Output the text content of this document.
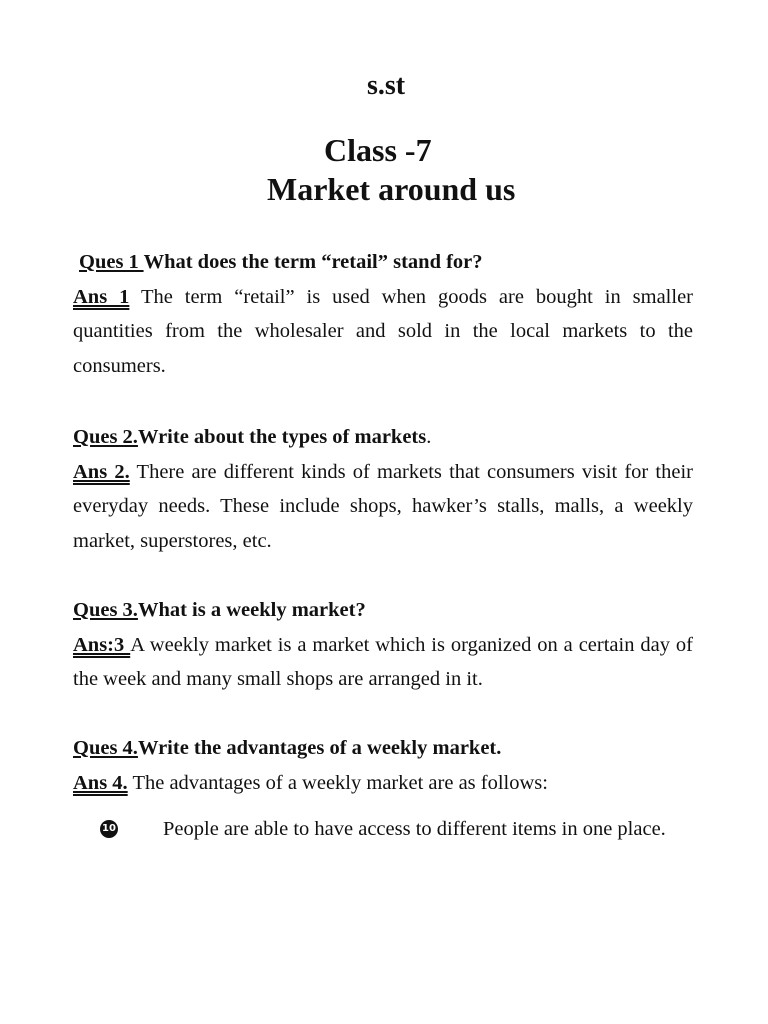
s.st
Class -7
Market around us
Ques 1 What does the term “retail” stand for?
Ans 1 The term “retail” is used when goods are bought in smaller quantities from the wholesaler and sold in the local markets to the consumers.
Ques 2.Write about the types of markets.
Ans 2. There are different kinds of markets that consumers visit for their everyday needs. These include shops, hawker’s stalls, malls, a weekly market, superstores, etc.
Ques 3.What is a weekly market?
Ans:3 A weekly market is a market which is organized on a certain day of the week and many small shops are arranged in it.
Ques 4.Write the advantages of a weekly market.
Ans 4. The advantages of a weekly market are as follows:
10	People are able to have access to different items in one place.
